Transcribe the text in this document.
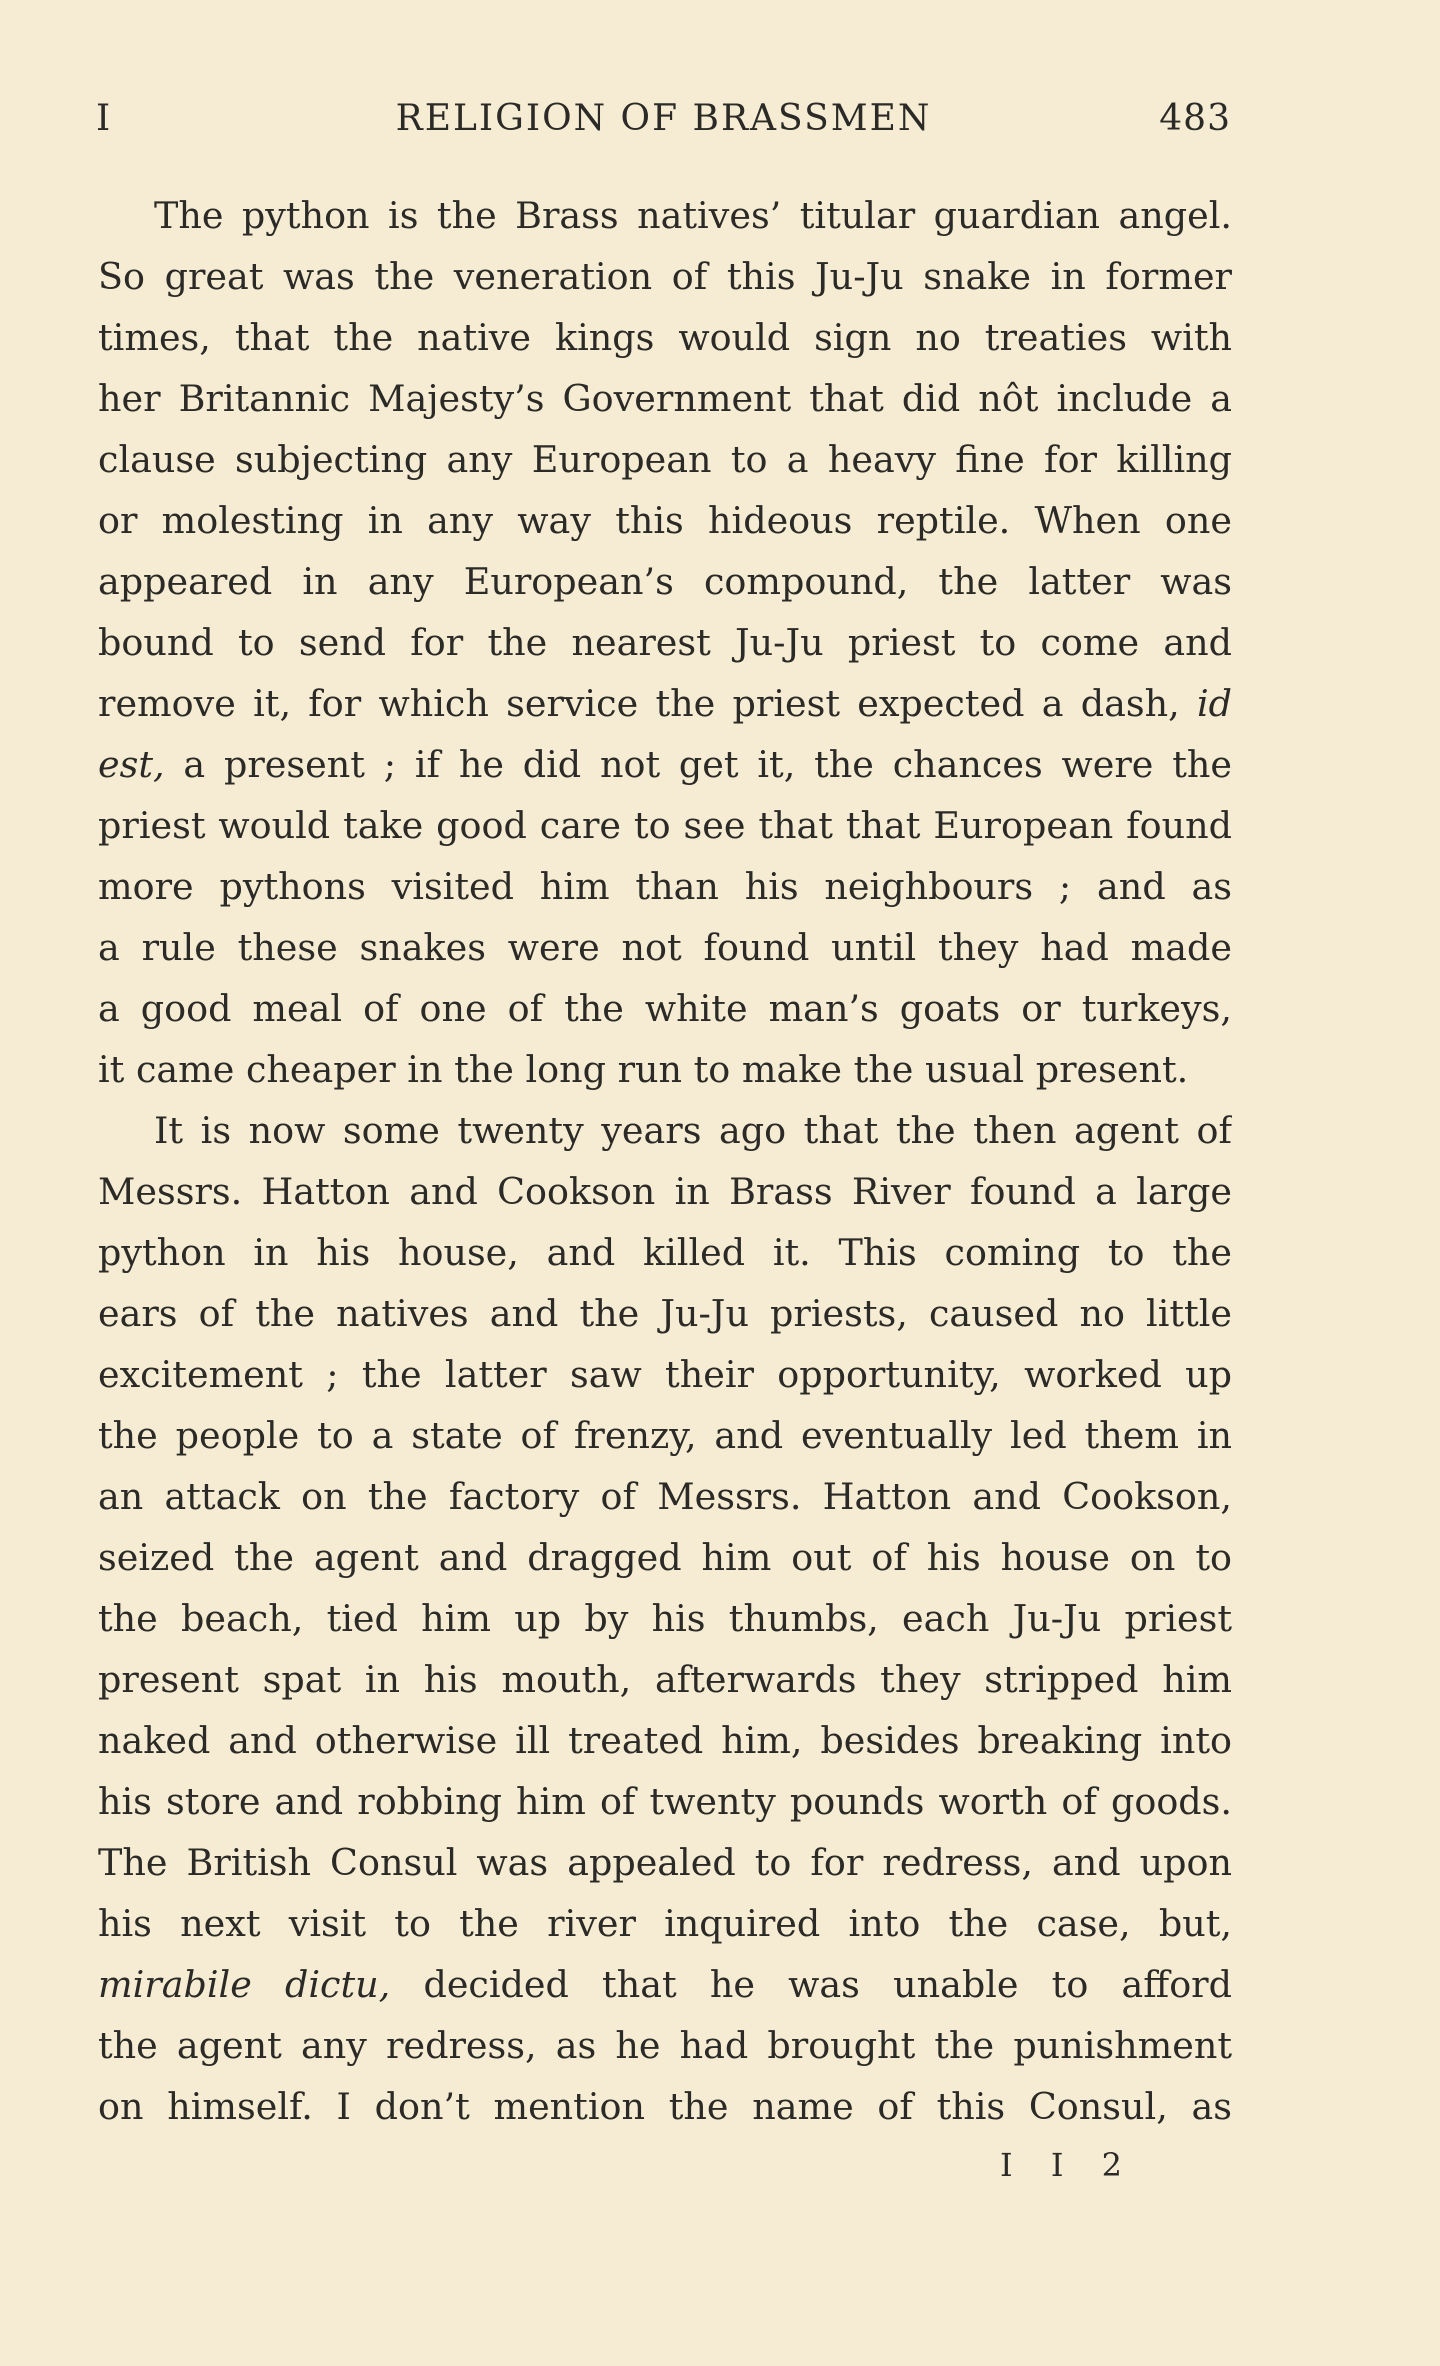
I	RELIGION OF BRASSMEN	483
The python is the Brass natives’ titular guardian angel.
So great was the veneration of this Ju-Ju snake in former
times, that the native kings would sign no treaties with
her Britannic Majesty’s Government that did nôt include a
clause subjecting any European to a heavy fine for killing
or molesting in any way this hideous reptile. When one
appeared in any European’s compound, the latter was
bound to send for the nearest Ju-Ju priest to come and
remove it, for which service the priest expected a dash, id
est, a present ; if he did not get it, the chances were the
priest would take good care to see that that European found
more pythons visited him than his neighbours ; and as
a rule these snakes were not found until they had made
a good meal of one of the white man’s goats or turkeys,
it came cheaper in the long run to make the usual present.
It is now some twenty years ago that the then agent of
Messrs. Hatton and Cookson in Brass River found a large
python in his house, and killed it. This coming to the
ears of the natives and the Ju-Ju priests, caused no little
excitement ; the latter saw their opportunity, worked up
the people to a state of frenzy, and eventually led them in
an attack on the factory of Messrs. Hatton and Cookson,
seized the agent and dragged him out of his house on to
the beach, tied him up by his thumbs, each Ju-Ju priest
present spat in his mouth, afterwards they stripped him
naked and otherwise ill treated him, besides breaking into
his store and robbing him of twenty pounds worth of goods.
The British Consul was appealed to for redress, and upon
his next visit to the river inquired into the case, but,
mirabile dictu, decided that he was unable to afford
the agent any redress, as he had brought the punishment
on himself. I don’t mention the name of this Consul, as
I I 2
